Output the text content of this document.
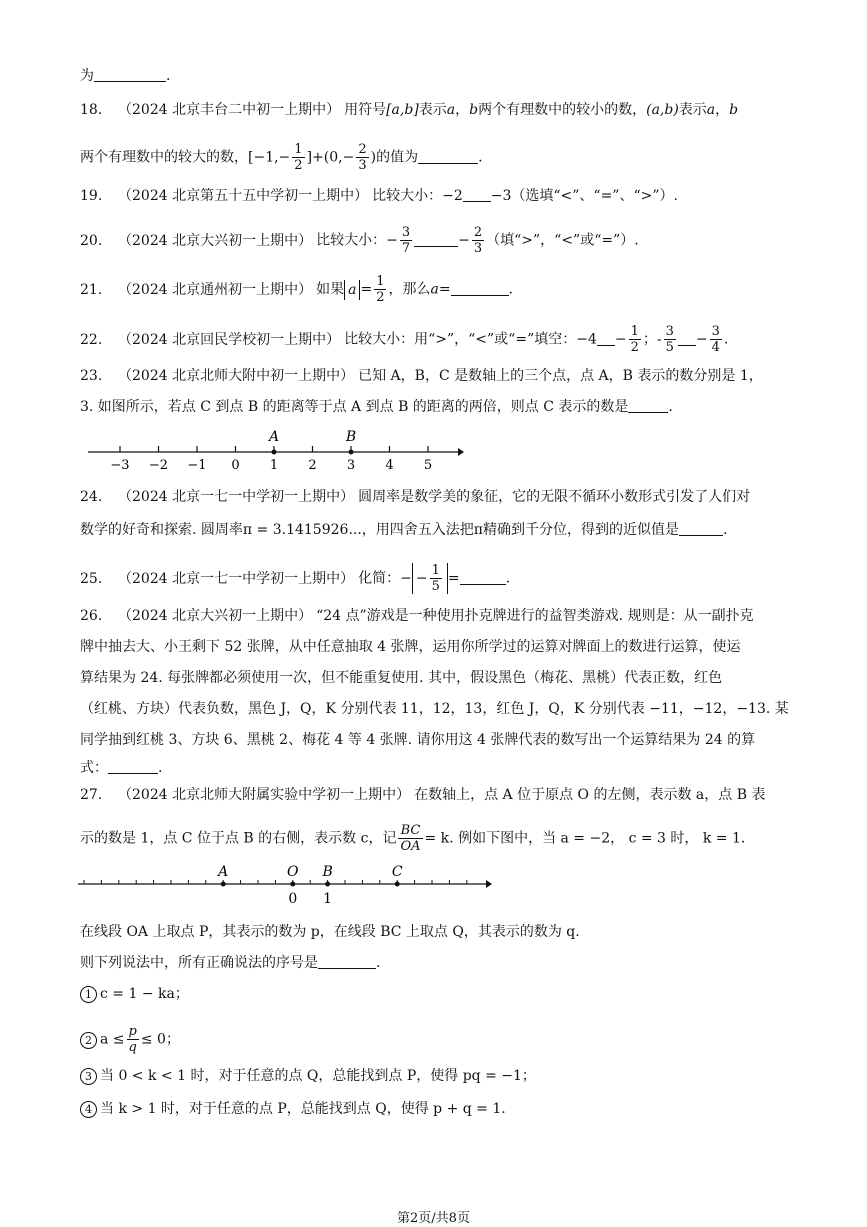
为	.
18. （2024 北京丰台二中初一上期中） 用符号[a,b]表示a，b两个有理数中的较小的数，(a,b)表示a，b
两个有理数中的较大的数，$[-1,- \frac{1}{2} ]+(0,- \frac{2}{3}$ )的值为	.
19. （2024 北京第五十五中学初一上期中） 比较大小：−2 −3（选填“<”、“=”、“>”）.
20. （2024 北京大兴初一上期中） 比较大小：− $\frac{3}{7}$	− $\frac{2}{3}$ （填“>”，“<”或“=”）.
21. （2024 北京通州初一上期中） 如果 $a = \frac{1}{2}$ ，那么a=	.
22. （2024 北京回民学校初一上期中） 比较大小：用“>”，“<”或“=”填空：$-4 - \frac{1}{2}$ ；- $\frac{3}{5} - \frac{3}{4}$ .
23. （2024 北京北师大附中初一上期中） 已知 A，B，C 是数轴上的三个点，点 A，B 表示的数分别是 1，
3. 如图所示，若点 C 到点 B 的距离等于点 A 到点 B 的距离的两倍，则点 C 表示的数是	.
−3 −2 −1 0 1 2 3 4 5
A	B
24. （2024 北京一七一中学初一上期中） 圆周率是数学美的象征，它的无限不循环小数形式引发了人们对
数学的好奇和探索. 圆周率π = 3.1415926...，用四舍五入法把π精确到千分位，得到的近似值是	.
25. （2024 北京一七一中学初一上期中） 化简：− − $\frac{1}{5}$ =	.
26. （2024 北京大兴初一上期中） “24 点”游戏是一种使用扑克牌进行的益智类游戏. 规则是：从一副扑克
牌中抽去大、小王剩下 52 张牌，从中任意抽取 4 张牌，运用你所学过的运算对牌面上的数进行运算，使运
算结果为 24. 每张牌都必须使用一次，但不能重复使用. 其中，假设黑色（梅花、黑桃）代表正数，红色
（红桃、方块）代表负数，黑色 J，Q，K 分别代表 11，12，13，红色 J，Q，K 分别代表 −11，−12，−13. 某
同学抽到红桃 3、方块 6、黑桃 2、梅花 4 等 4 张牌. 请你用这 4 张牌代表的数写出一个运算结果为 24 的算
式：	.
27. （2024 北京北师大附属实验中学初一上期中） 在数轴上，点 A 位于原点 O 的左侧，表示数 a，点 B 表
示的数是 1，点 C 位于点 B 的右侧，表示数 c，记 $\frac{BC}{OA} = k$. 例如下图中，当 a = −2， c = 3 时， k = 1.
A	O B	C
0 1
在线段 OA 上取点 P，其表示的数为 p，在线段 BC 上取点 Q，其表示的数为 q.
则下列说法中，所有正确说法的序号是	.
1 c = 1 − ka；
2 $a \le \frac{p}{q} \le 0$；
3 当 0 < k < 1 时，对于任意的点 Q，总能找到点 P，使得 pq = −1；
4 当 k > 1 时，对于任意的点 P，总能找到点 Q，使得 p + q = 1.
第2页/共8页
